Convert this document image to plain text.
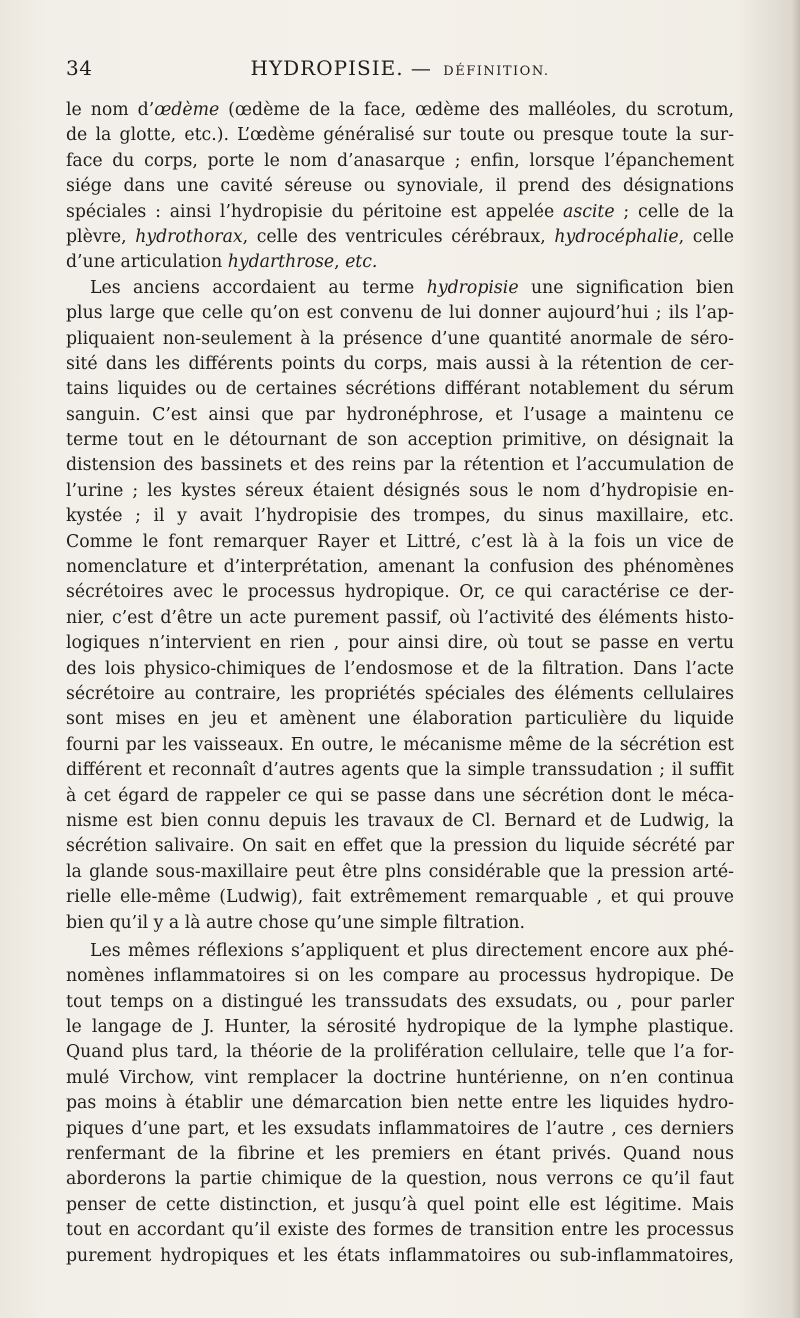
34	HYDROPISIE. — DÉFINITION.
le nom d’œdème (œdème de la face, œdème des malléoles, du scrotum,
de la glotte, etc.). L’œdème généralisé sur toute ou presque toute la sur-
face du corps, porte le nom d’anasarque ; enfin, lorsque l’épanchement
siége dans une cavité séreuse ou synoviale, il prend des désignations
spéciales : ainsi l’hydropisie du péritoine est appelée ascite ; celle de la
plèvre, hydrothorax, celle des ventricules cérébraux, hydrocéphalie, celle
d’une articulation hydarthrose, etc.
Les anciens accordaient au terme hydropisie une signification bien
plus large que celle qu’on est convenu de lui donner aujourd’hui ; ils l’ap-
pliquaient non-seulement à la présence d’une quantité anormale de séro-
sité dans les différents points du corps, mais aussi à la rétention de cer-
tains liquides ou de certaines sécrétions différant notablement du sérum
sanguin. C’est ainsi que par hydronéphrose, et l’usage a maintenu ce
terme tout en le détournant de son acception primitive, on désignait la
distension des bassinets et des reins par la rétention et l’accumulation de
l’urine ; les kystes séreux étaient désignés sous le nom d’hydropisie en-
kystée ; il y avait l’hydropisie des trompes, du sinus maxillaire, etc.
Comme le font remarquer Rayer et Littré, c’est là à la fois un vice de
nomenclature et d’interprétation, amenant la confusion des phénomènes
sécrétoires avec le processus hydropique. Or, ce qui caractérise ce der-
nier, c’est d’être un acte purement passif, où l’activité des éléments histo-
logiques n’intervient en rien , pour ainsi dire, où tout se passe en vertu
des lois physico-chimiques de l’endosmose et de la filtration. Dans l’acte
sécrétoire au contraire, les propriétés spéciales des éléments cellulaires
sont mises en jeu et amènent une élaboration particulière du liquide
fourni par les vaisseaux. En outre, le mécanisme même de la sécrétion est
différent et reconnaît d’autres agents que la simple transsudation ; il suffit
à cet égard de rappeler ce qui se passe dans une sécrétion dont le méca-
nisme est bien connu depuis les travaux de Cl. Bernard et de Ludwig, la
sécrétion salivaire. On sait en effet que la pression du liquide sécrété par
la glande sous-maxillaire peut être plns considérable que la pression arté-
rielle elle-même (Ludwig), fait extrêmement remarquable , et qui prouve
bien qu’il y a là autre chose qu’une simple filtration.
Les mêmes réflexions s’appliquent et plus directement encore aux phé-
nomènes inflammatoires si on les compare au processus hydropique. De
tout temps on a distingué les transsudats des exsudats, ou , pour parler
le langage de J. Hunter, la sérosité hydropique de la lymphe plastique.
Quand plus tard, la théorie de la prolifération cellulaire, telle que l’a for-
mulé Virchow, vint remplacer la doctrine huntérienne, on n’en continua
pas moins à établir une démarcation bien nette entre les liquides hydro-
piques d’une part, et les exsudats inflammatoires de l’autre , ces derniers
renfermant de la fibrine et les premiers en étant privés. Quand nous
aborderons la partie chimique de la question, nous verrons ce qu’il faut
penser de cette distinction, et jusqu’à quel point elle est légitime. Mais
tout en accordant qu’il existe des formes de transition entre les processus
purement hydropiques et les états inflammatoires ou sub-inflammatoires,
